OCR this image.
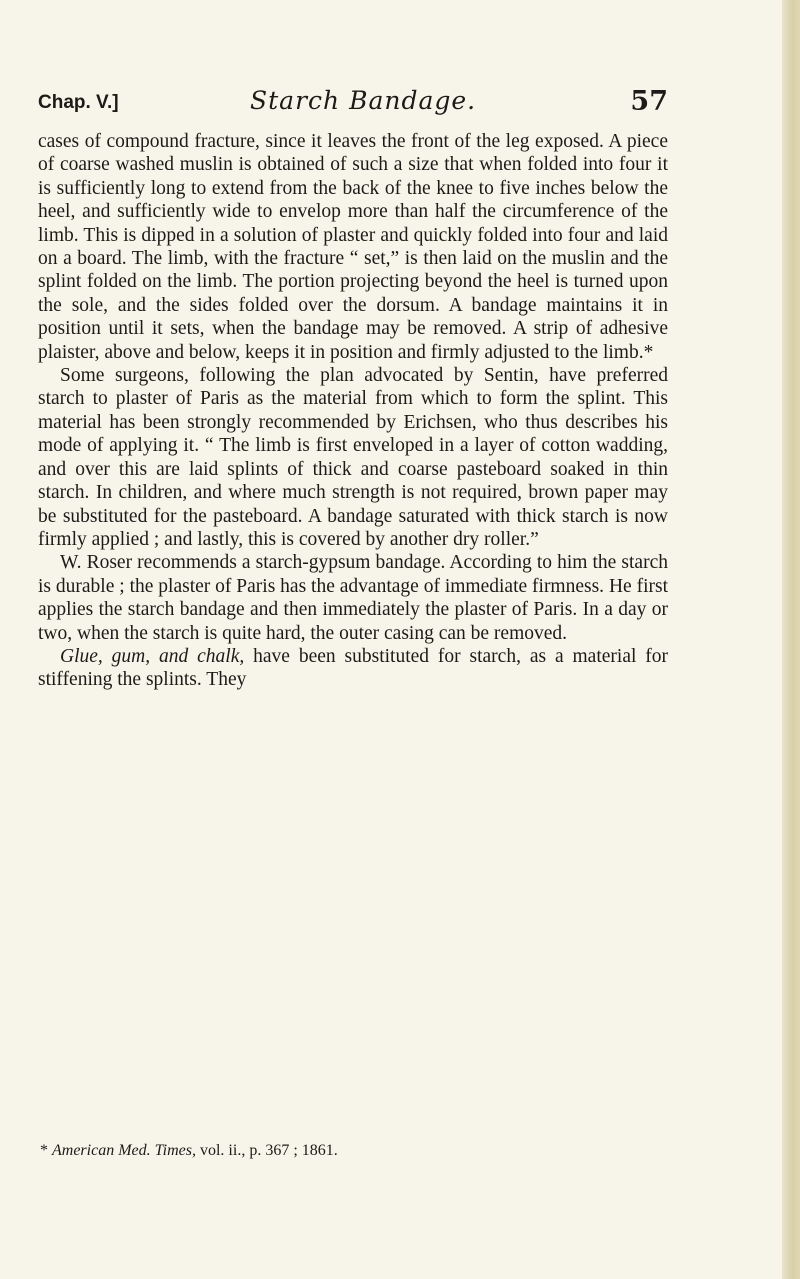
Chap. V.]	Starch Bandage.	57

cases of compound fracture, since it leaves the front of the leg exposed. A piece of coarse washed muslin is obtained of such a size that when folded into four it is sufficiently long to extend from the back of the knee to five inches below the heel, and sufficiently wide to envelop more than half the circumference of the limb. This is dipped in a solution of plaster and quickly folded into four and laid on a board. The limb, with the fracture “ set,” is then laid on the muslin and the splint folded on the limb. The portion projecting beyond the heel is turned upon the sole, and the sides folded over the dorsum. A bandage maintains it in position until it sets, when the bandage may be removed. A strip of adhesive plaister, above and below, keeps it in position and firmly adjusted to the limb.*

Some surgeons, following the plan advocated by Sentin, have preferred starch to plaster of Paris as the material from which to form the splint. This material has been strongly recommended by Erichsen, who thus describes his mode of applying it. “ The limb is first enveloped in a layer of cotton wadding, and over this are laid splints of thick and coarse pasteboard soaked in thin starch. In children, and where much strength is not required, brown paper may be substituted for the pasteboard. A bandage saturated with thick starch is now firmly applied ; and lastly, this is covered by another dry roller.”

W. Roser recommends a starch-gypsum bandage. According to him the starch is durable ; the plaster of Paris has the advantage of immediate firmness. He first applies the starch bandage and then immediately the plaster of Paris. In a day or two, when the starch is quite hard, the outer casing can be removed.

Glue, gum, and chalk, have been substituted for starch, as a material for stiffening the splints. They

* American Med. Times, vol. ii., p. 367 ; 1861.
